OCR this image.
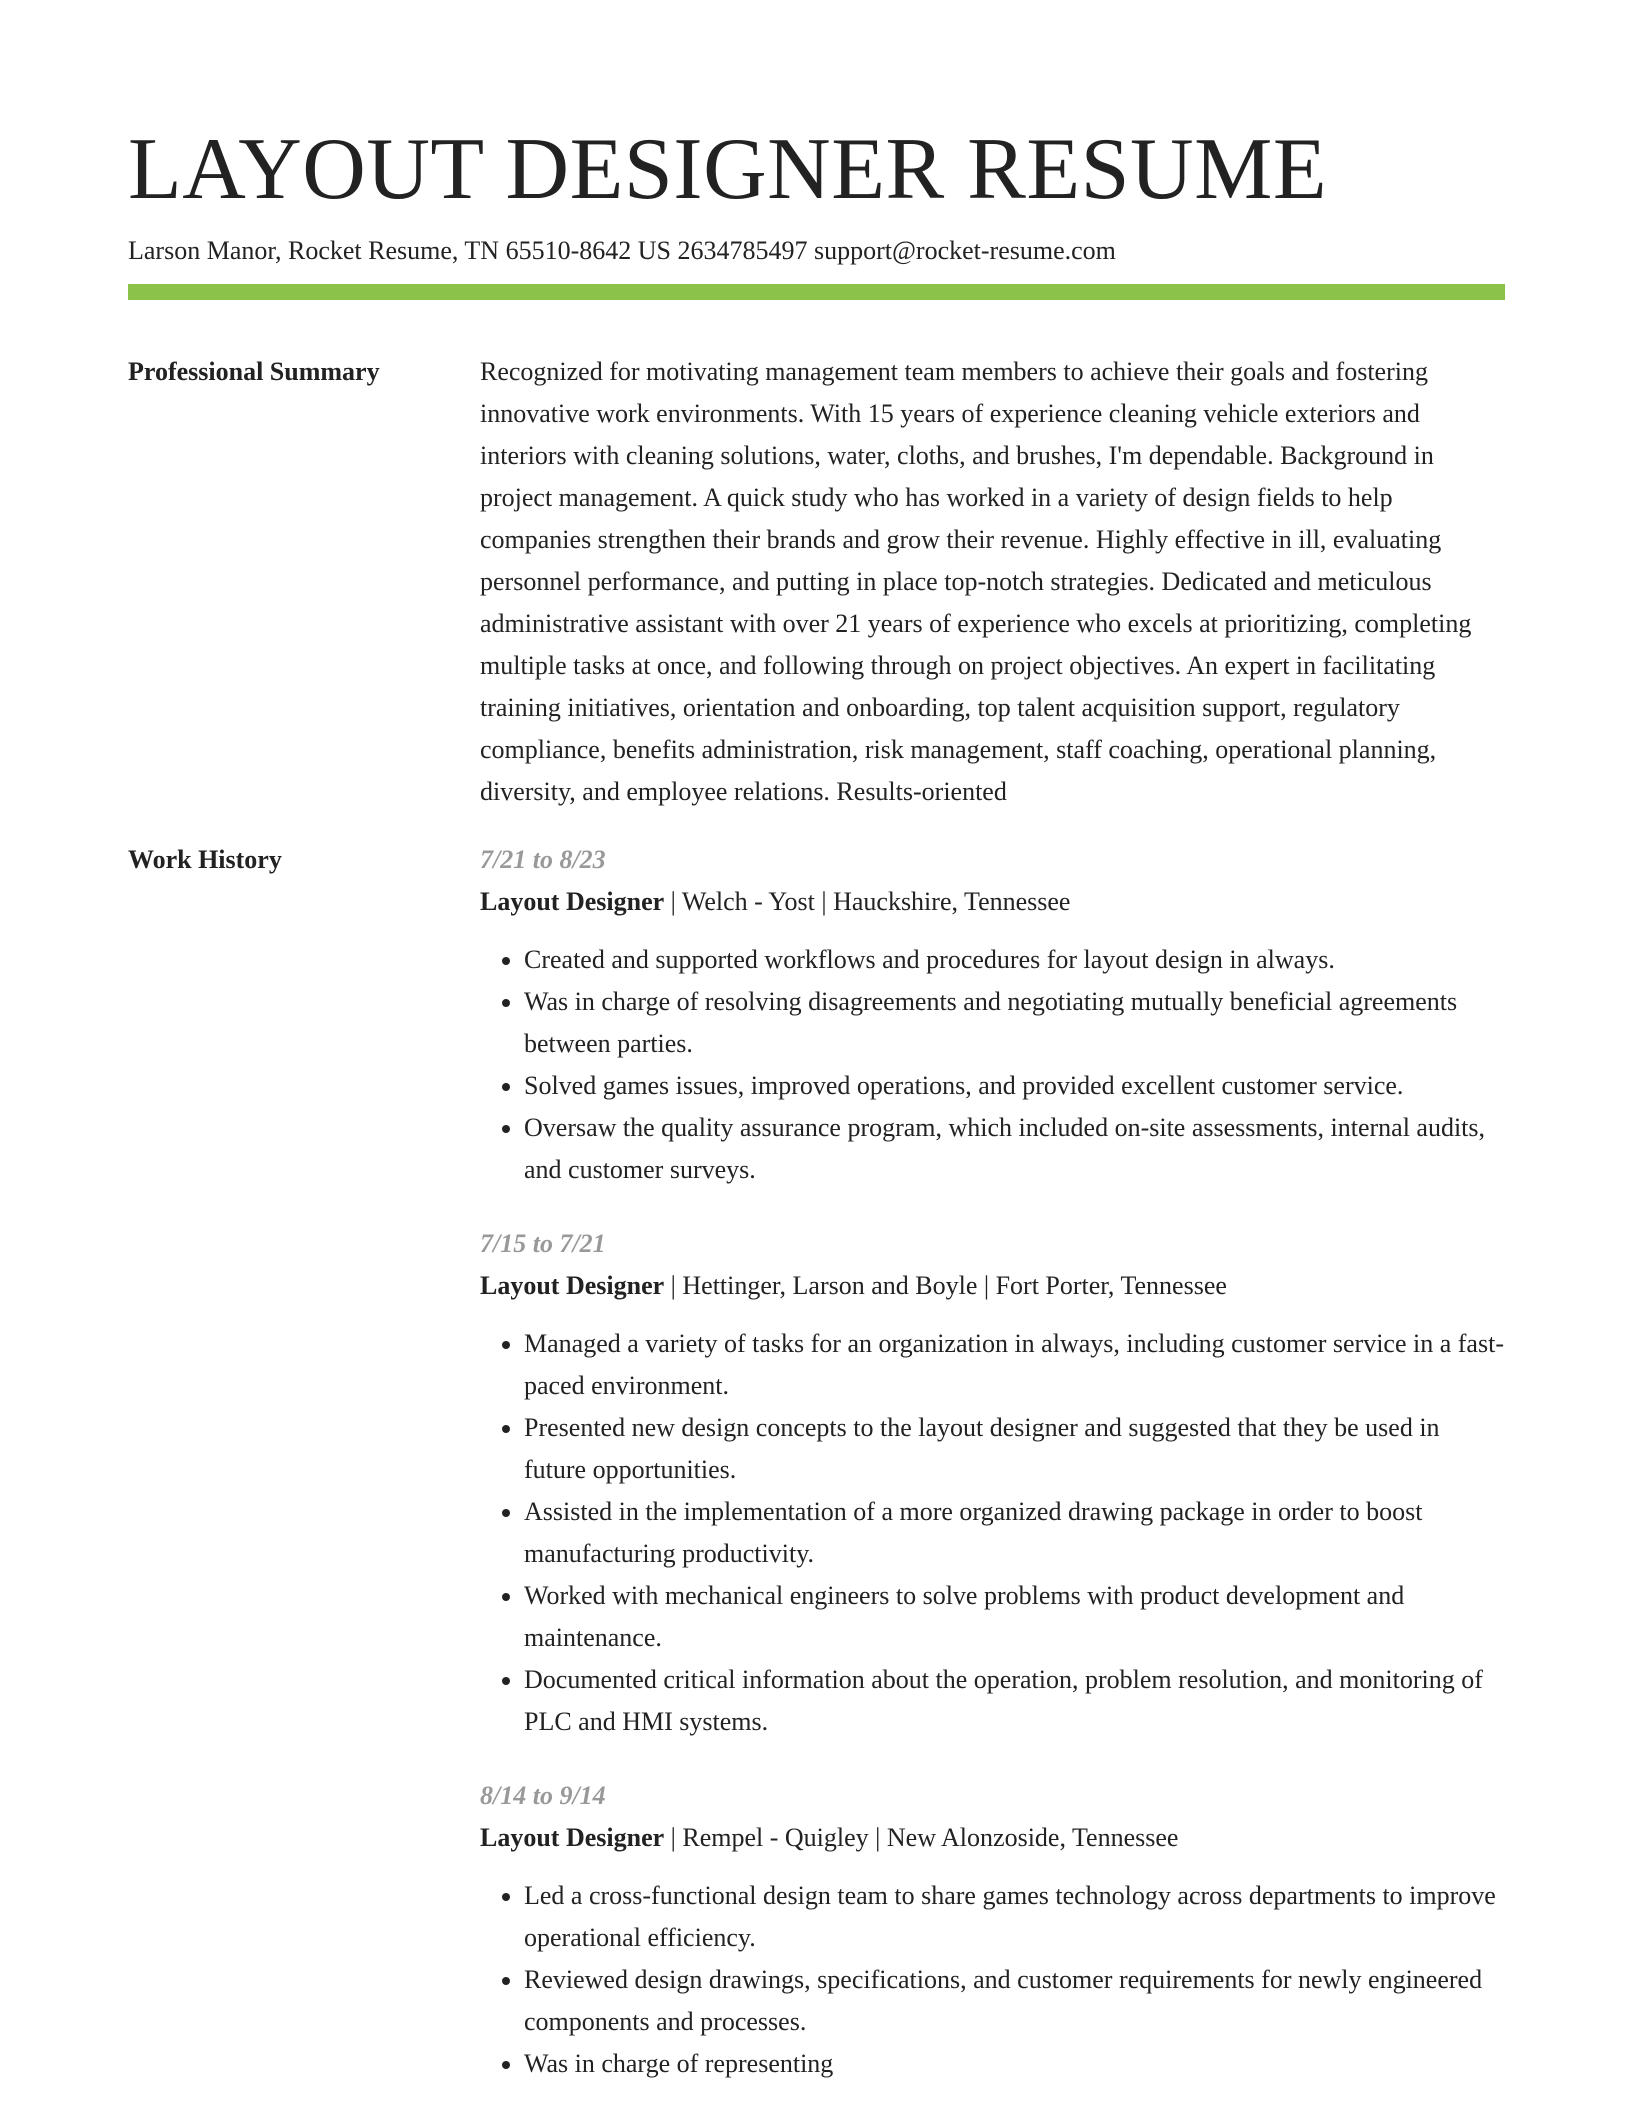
LAYOUT DESIGNER RESUME
Larson Manor, Rocket Resume, TN 65510-8642 US 2634785497 support@rocket-resume.com
Professional Summary	Recognized for motivating management team members to achieve their goals and fostering innovative work environments. With 15 years of experience cleaning vehicle exteriors and interiors with cleaning solutions, water, cloths, and brushes, I'm dependable. Background in project management. A quick study who has worked in a variety of design fields to help companies strengthen their brands and grow their revenue. Highly effective in ill, evaluating personnel performance, and putting in place top-notch strategies. Dedicated and meticulous administrative assistant with over 21 years of experience who excels at prioritizing, completing multiple tasks at once, and following through on project objectives. An expert in facilitating training initiatives, orientation and onboarding, top talent acquisition support, regulatory compliance, benefits administration, risk management, staff coaching, operational planning, diversity, and employee relations. Results-oriented

Work History	7/21 to 8/23
Layout Designer | Welch - Yost | Hauckshire, Tennessee
• Created and supported workflows and procedures for layout design in always.
• Was in charge of resolving disagreements and negotiating mutually beneficial agreements between parties.
• Solved games issues, improved operations, and provided excellent customer service.
• Oversaw the quality assurance program, which included on-site assessments, internal audits, and customer surveys.
7/15 to 7/21
Layout Designer | Hettinger, Larson and Boyle | Fort Porter, Tennessee
• Managed a variety of tasks for an organization in always, including customer service in a fast-paced environment.
• Presented new design concepts to the layout designer and suggested that they be used in future opportunities.
• Assisted in the implementation of a more organized drawing package in order to boost manufacturing productivity.
• Worked with mechanical engineers to solve problems with product development and maintenance.
• Documented critical information about the operation, problem resolution, and monitoring of PLC and HMI systems.
8/14 to 9/14
Layout Designer | Rempel - Quigley | New Alonzoside, Tennessee
• Led a cross-functional design team to share games technology across departments to improve operational efficiency.
• Reviewed design drawings, specifications, and customer requirements for newly engineered components and processes.
• Was in charge of representing
